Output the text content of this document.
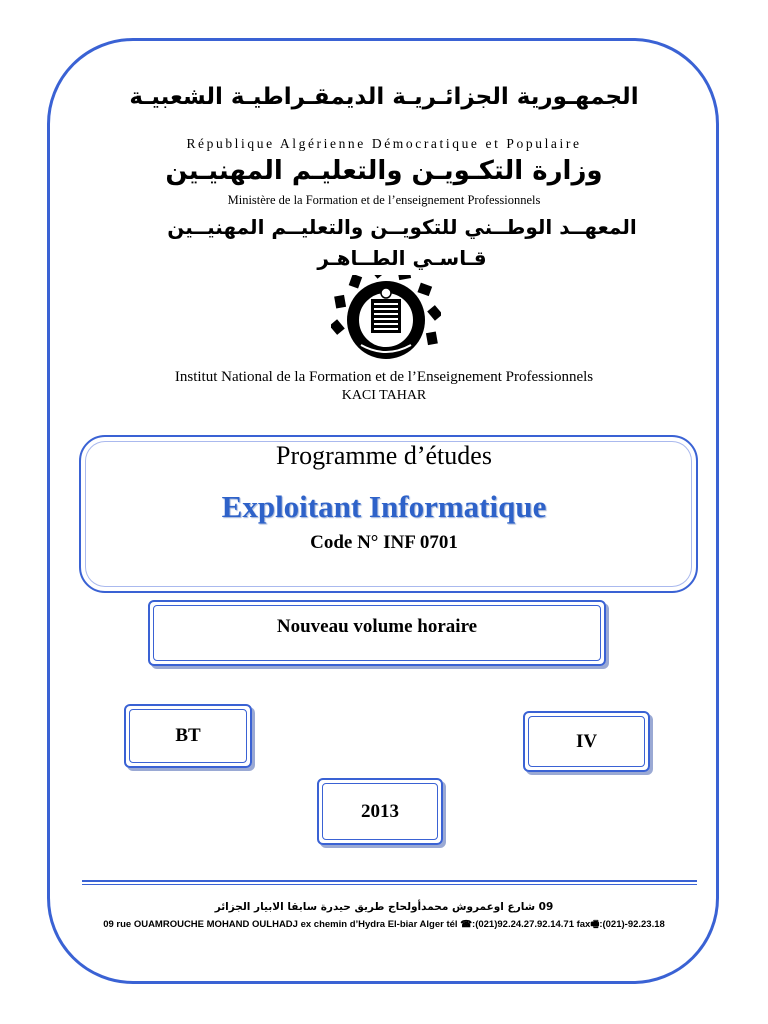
الجمهـورية الجزائـريـة الديمقـراطيـة الشعبيـة
République Algérienne Démocratique et Populaire
وزارة التكـويـن والتعليـم المهنيـين
Ministère de la Formation et de l’enseignement Professionnels
المعهــد الوطــني للتكويــن والتعليــم المهنيــين
قـاسـي الطــاهـر
Institut National de la Formation et de l’Enseignement Professionnels
KACI TAHAR
Programme d’études
Exploitant Informatique
Code N° INF 0701
Nouveau volume horaire
BT	IV
2013
09 شارع اوعمروش محمدأولحاج طريق حيدرة سابقا الابيار الجزائر
09 rue OUAMROUCHE MOHAND OULHADJ ex chemin d’Hydra El-biar Alger tél ☎:(021)92.24.27.92.14.71 fax🖷:(021)-92.23.18
